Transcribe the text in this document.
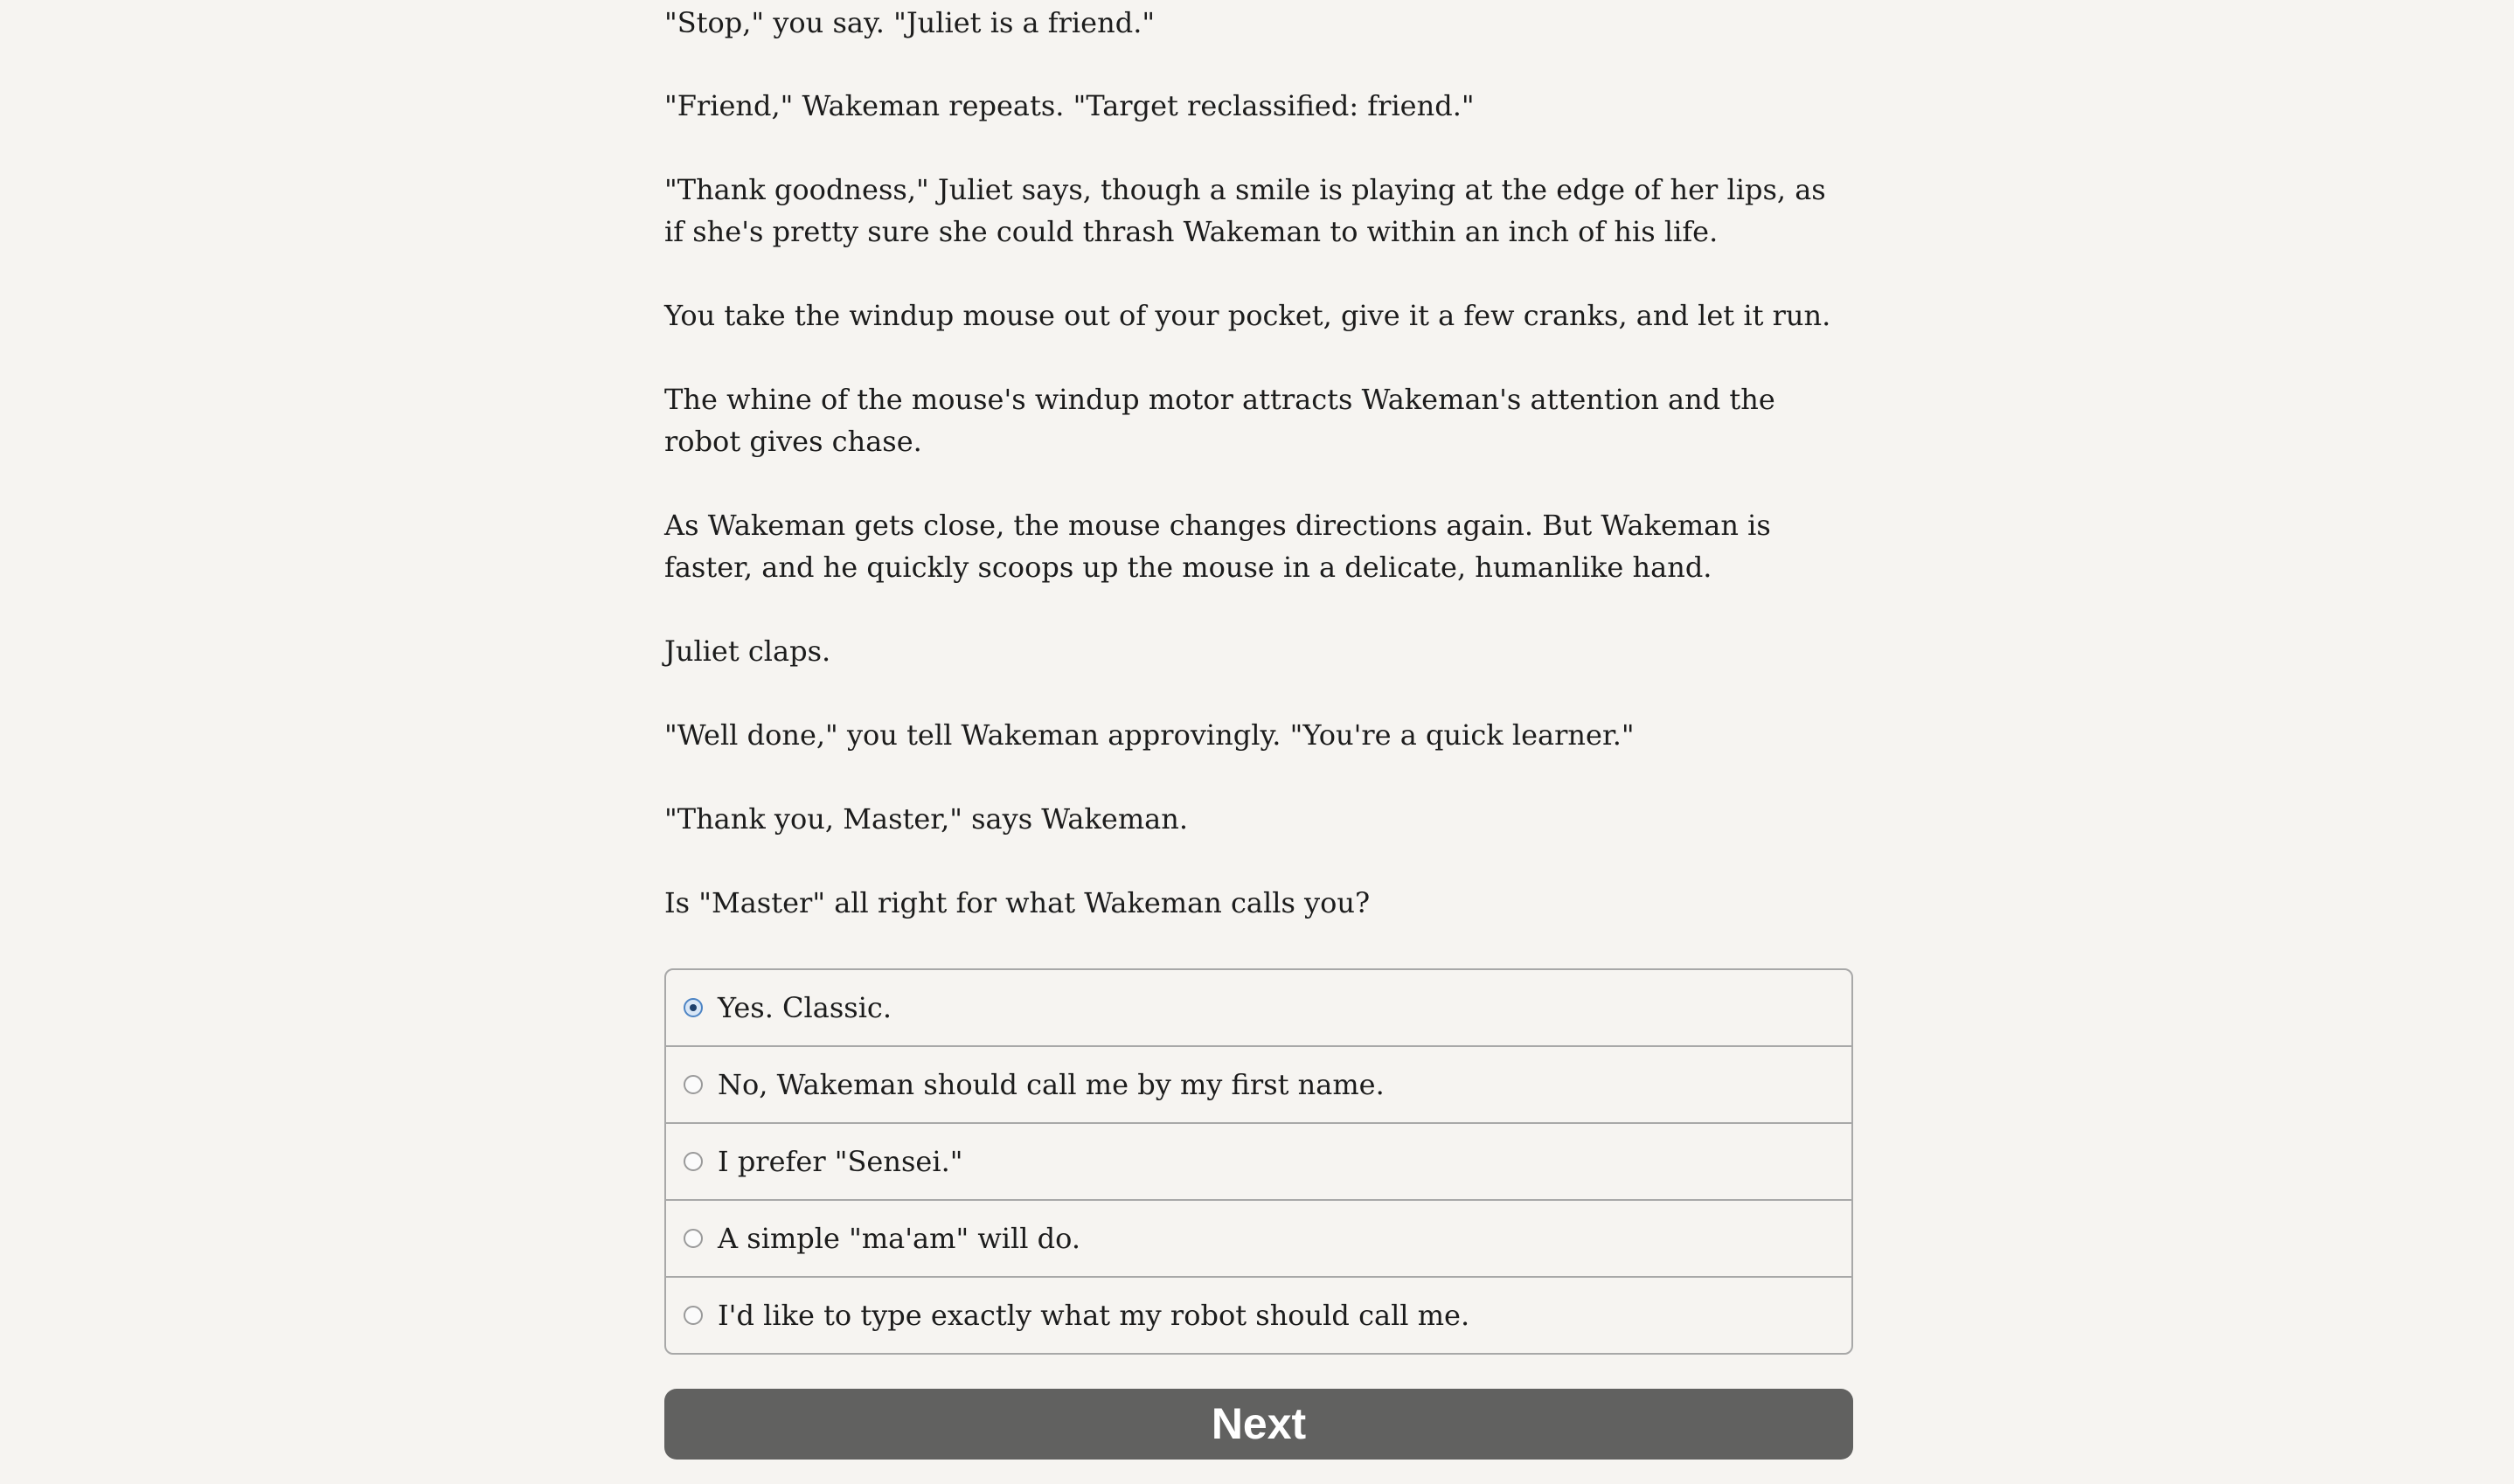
"Stop," you say. "Juliet is a friend."

"Friend," Wakeman repeats. "Target reclassified: friend."

"Thank goodness," Juliet says, though a smile is playing at the edge of her lips, as if she's pretty sure she could thrash Wakeman to within an inch of his life.

You take the windup mouse out of your pocket, give it a few cranks, and let it run.

The whine of the mouse's windup motor attracts Wakeman's attention and the robot gives chase.

As Wakeman gets close, the mouse changes directions again. But Wakeman is faster, and he quickly scoops up the mouse in a delicate, humanlike hand.

Juliet claps.

"Well done," you tell Wakeman approvingly. "You're a quick learner."

"Thank you, Master," says Wakeman.

Is "Master" all right for what Wakeman calls you?

Yes. Classic.
No, Wakeman should call me by my first name.
I prefer "Sensei."
A simple "ma'am" will do.
I'd like to type exactly what my robot should call me.
Next
